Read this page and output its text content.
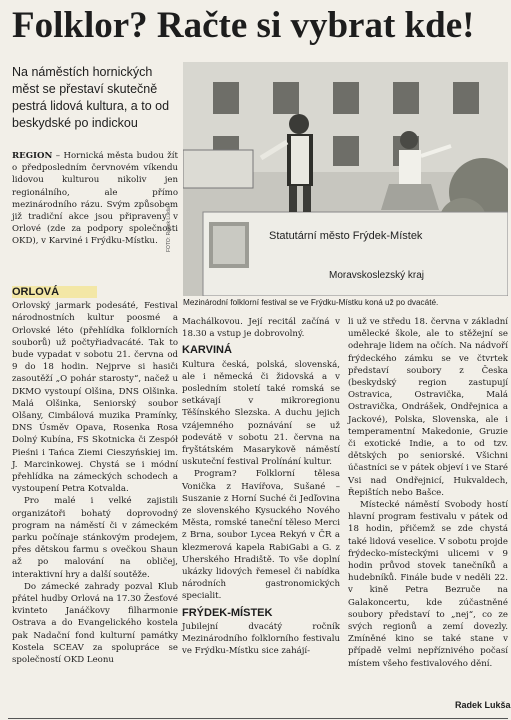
Folklor? Račte si vybrat kde!
Na náměstích hornických měst se přestaví skutečně pestrá lidová kultura, a to od beskydské po indickou

REGION – Hornická města budou žít o předposledním červnovém víkendu lidovou kulturou nikoliv jen regionálního, ale přímo mezinárodního rázu. Svým způsobem již tradiční akce jsou připraveny v Orlové (zde za podpory společnosti OKD), v Karviné i Frýdku-Místku.	Statutární město Frýdek-Místek
Moravskoslezský kraj
FOTO: Radek Lukša
Mezinárodní folklorní festival se ve Frýdku-Místku koná už po dvacáté.
ORLOVÁ

Orlovský jarmark podesáté, Festival národnostních kultur poosmé a Orlovské léto (přehlídka folklorních souborů) už počtyřiadvacáté. Tak to bude vypadat v sobotu 21. června od 9 do 18 hodin. Nejprve si hasiči zasoutěží „O pohár starosty“, načež u DKMO vystoupí Olšina, DNS Olšinka. Malá Olšinka, Seniorský soubor Olšany, Cimbálová muzika Pramínky, DNS Úsměv Opava, Rosenka Rosa Dolný Kubína, FS Skotnicka či Zespół Pieśni i Tańca Ziemi Cieszyńskiej im. J. Marcinkowej. Chystá se i módní přehlídka na zámeckých schodech a vystoupení Petra Kotvalda.

Pro malé i velké zajistili organizátoři bohatý doprovodný program na náměstí či v zámeckém parku počínaje stánkovým prodejem, přes dětskou farmu s ovečkou Shaun až po malování na obličej, interaktivní hry a další soutěže.

Do zámecké zahrady pozval Klub přátel hudby Orlová na 17.30 Žesťové kvinteto Janáčkovy filharmonie Ostrava a do Evangelického kostela pak Nadační fond kulturní památky Kostela SCEAV za spolupráce se společností OKD Leonu

Machálkovou. Její recitál začíná v 18.30 a vstup je dobrovolný.

KARVINÁ

Kultura česká, polská, slovenská, ale i německá či židovská a v posledním století také romská se setkávají v mikroregionu Těšínského Slezska. A duchu jejich vzájemného poznávání se už podevátě v sobotu 21. června na fryštátském Masarykově náměstí uskuteční festival Prolínání kultur.

Program? Folklorní tělesa Vonička z Havířova, Sušané – Suszanie z Horní Suché či Jedľovina ze slovenského Kysuckého Nového Města, romské taneční těleso Merci z Brna, soubor Lycea Rekyń v ČR a klezmerová kapela RabiGabi a G. z Uherského Hradiště. To vše doplní ukázky lidových řemesel či nabídka národních gastronomických specialit.

FRÝDEK-MÍSTEK

Jubilejní dvacátý ročník Mezinárodního folklorního festivalu ve Frýdku-Místku sice zahájí-

li už ve středu 18. června v základní umělecké škole, ale to stěžejní se odehraje lidem na očích. Na nádvoří frýdeckého zámku se ve čtvrtek představí soubory z Česka (beskydský region zastupují Ostravica, Ostravička, Malá Ostravička, Ondrášek, Ondřejnica a Jackové), Polska, Slovenska, ale i temperamentní Makedonie, Gruzie či exotické Indie, a to od tzv. dětských po seniorské. Všichni účastníci se v pátek objeví i ve Staré Vsi nad Ondřejnicí, Hukvaldech, Řepištích nebo Bašce.

Místecké náměstí Svobody hostí hlavní program festivalu v pátek od 18 hodin, přičemž se zde chystá také lidová veselice. V sobotu projde frýdecko-místeckými ulicemi v 9 hodin průvod stovek tanečníků a hudebníků. Finále bude v neděli 22. v kině Petra Bezruče na Galakoncertu, kde zúčastněné soubory představí to „nej“, co ze svých regionů a zemí dovezly. Zmíněné kino se také stane v případě velmi nepříznivého počasí místem všeho festivalového dění.

Radek Lukša
